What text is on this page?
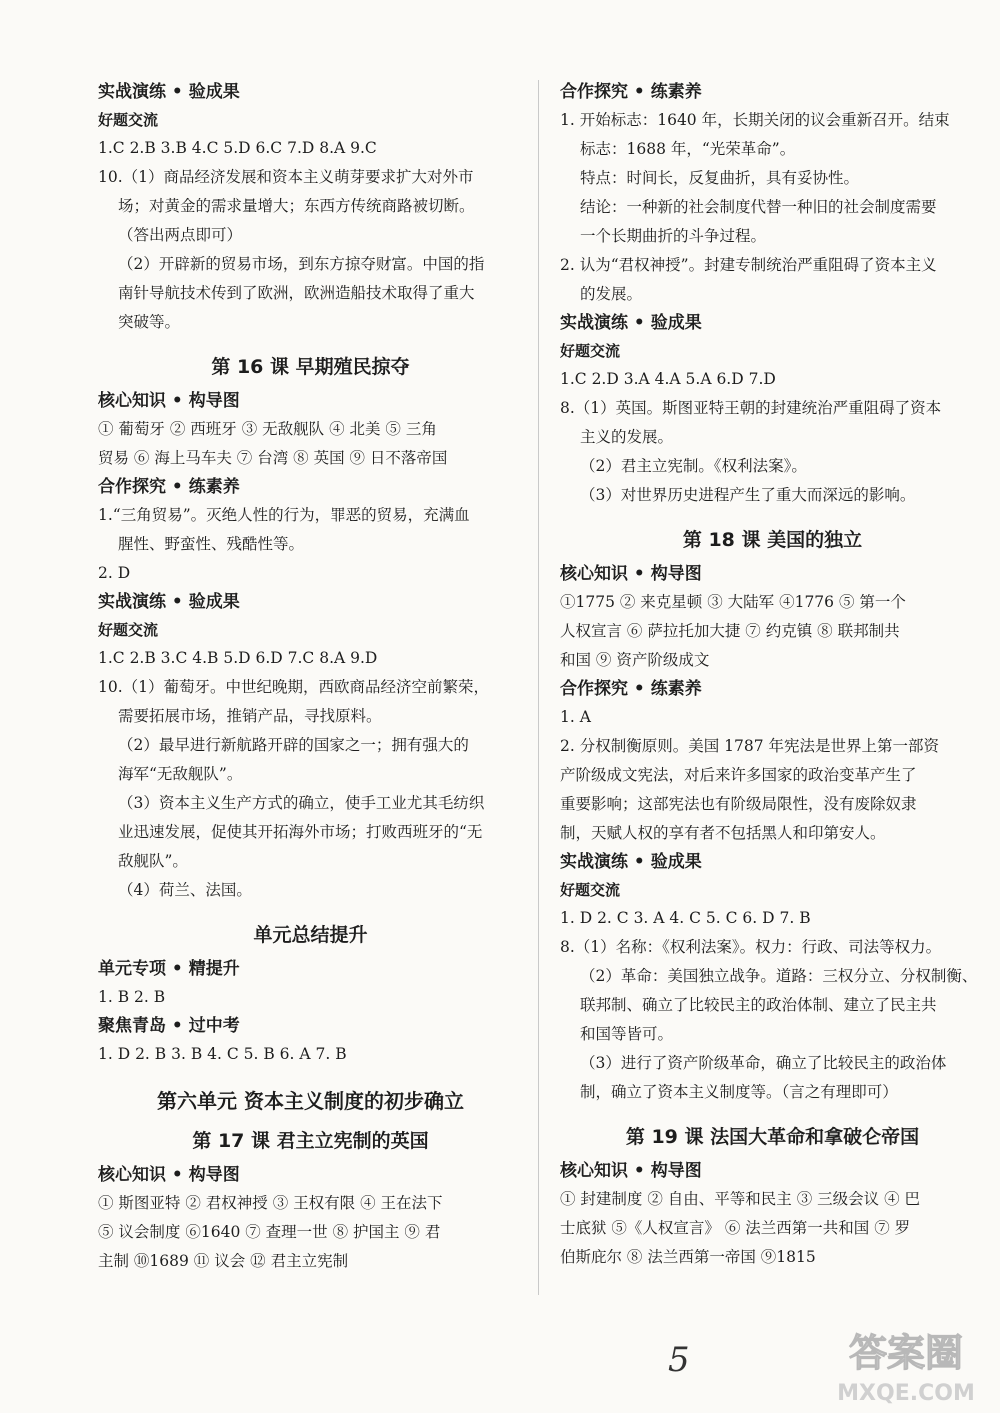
实战演练 • 验成果
好题交流
1.C 2.B 3.B 4.C 5.D 6.C 7.D 8.A 9.C
10.（1）商品经济发展和资本主义萌芽要求扩大对外市
场；对黄金的需求量增大；东西方传统商路被切断。
（答出两点即可）
（2）开辟新的贸易市场，到东方掠夺财富。中国的指
南针导航技术传到了欧洲，欧洲造船技术取得了重大
突破等。
第 16 课 早期殖民掠夺
核心知识 • 构导图
① 葡萄牙 ② 西班牙 ③ 无敌舰队 ④ 北美 ⑤ 三角
贸易 ⑥ 海上马车夫 ⑦ 台湾 ⑧ 英国 ⑨ 日不落帝国
合作探究 • 练素养
1.“三角贸易”。灭绝人性的行为，罪恶的贸易，充满血
腥性、野蛮性、残酷性等。
2. D
实战演练 • 验成果
好题交流
1.C 2.B 3.C 4.B 5.D 6.D 7.C 8.A 9.D
10.（1）葡萄牙。中世纪晚期，西欧商品经济空前繁荣，
需要拓展市场，推销产品，寻找原料。
（2）最早进行新航路开辟的国家之一；拥有强大的
海军“无敌舰队”。
（3）资本主义生产方式的确立，使手工业尤其毛纺织
业迅速发展，促使其开拓海外市场；打败西班牙的“无
敌舰队”。
（4）荷兰、法国。
单元总结提升
单元专项 • 精提升
1. B 2. B
聚焦青岛 • 过中考
1. D 2. B 3. B 4. C 5. B 6. A 7. B
第六单元 资本主义制度的初步确立
第 17 课 君主立宪制的英国
核心知识 • 构导图
① 斯图亚特 ② 君权神授 ③ 王权有限 ④ 王在法下
⑤ 议会制度 ⑥1640 ⑦ 查理一世 ⑧ 护国主 ⑨ 君
主制 ⑩1689 ⑪ 议会 ⑫ 君主立宪制
合作探究 • 练素养
1. 开始标志：1640 年，长期关闭的议会重新召开。结束
标志：1688 年，“光荣革命”。
特点：时间长，反复曲折，具有妥协性。
结论：一种新的社会制度代替一种旧的社会制度需要
一个长期曲折的斗争过程。
2. 认为“君权神授”。封建专制统治严重阻碍了资本主义
的发展。
实战演练 • 验成果
好题交流
1.C 2.D 3.A 4.A 5.A 6.D 7.D
8.（1）英国。斯图亚特王朝的封建统治严重阻碍了资本
主义的发展。
（2）君主立宪制。《权利法案》。
（3）对世界历史进程产生了重大而深远的影响。
第 18 课 美国的独立
核心知识 • 构导图
①1775 ② 来克星顿 ③ 大陆军 ④1776 ⑤ 第一个
人权宣言 ⑥ 萨拉托加大捷 ⑦ 约克镇 ⑧ 联邦制共
和国 ⑨ 资产阶级成文
合作探究 • 练素养
1. A
2. 分权制衡原则。美国 1787 年宪法是世界上第一部资
产阶级成文宪法，对后来许多国家的政治变革产生了
重要影响；这部宪法也有阶级局限性，没有废除奴隶
制，天赋人权的享有者不包括黑人和印第安人。
实战演练 • 验成果
好题交流
1. D 2. C 3. A 4. C 5. C 6. D 7. B
8.（1）名称：《权利法案》。权力：行政、司法等权力。
（2）革命：美国独立战争。道路：三权分立、分权制衡、
联邦制、确立了比较民主的政治体制、建立了民主共
和国等皆可。
（3）进行了资产阶级革命，确立了比较民主的政治体
制，确立了资本主义制度等。（言之有理即可）
第 19 课 法国大革命和拿破仑帝国
核心知识 • 构导图
① 封建制度 ② 自由、平等和民主 ③ 三级会议 ④ 巴
士底狱 ⑤《人权宣言》 ⑥ 法兰西第一共和国 ⑦ 罗
伯斯庇尔 ⑧ 法兰西第一帝国 ⑨1815
5	答案圈
MXQE.COM
